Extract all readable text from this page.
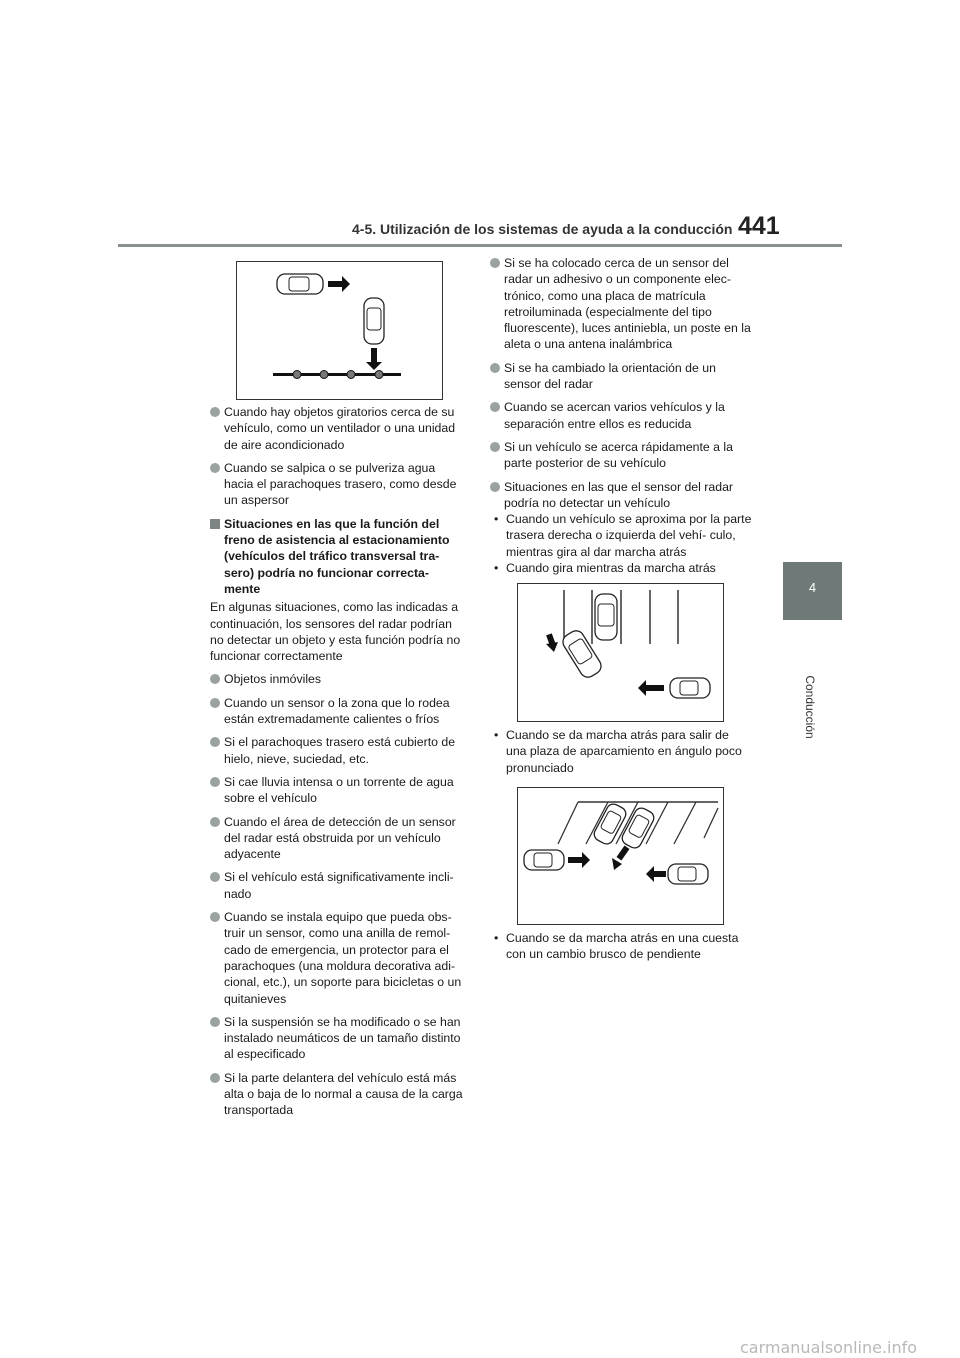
4-5. Utilización de los sistemas de ayuda a la conducción 441
4
Conducción
Cuando hay objetos giratorios cerca de su vehículo, como un ventilador o una unidad de aire acondicionado
Cuando se salpica o se pulveriza agua hacia el parachoques trasero, como desde un aspersor
Situaciones en las que la función del freno de asistencia al estacionamiento (vehículos del tráfico transversal tra- sero) podría no funcionar correcta- mente
En algunas situaciones, como las indicadas a continuación, los sensores del radar podrían no detectar un objeto y esta función podría no funcionar correctamente
Objetos inmóviles
Cuando un sensor o la zona que lo rodea están extremadamente calientes o fríos
Si el parachoques trasero está cubierto de hielo, nieve, suciedad, etc.
Si cae lluvia intensa o un torrente de agua sobre el vehículo
Cuando el área de detección de un sensor del radar está obstruida por un vehículo adyacente
Si el vehículo está significativamente incli- nado
Cuando se instala equipo que pueda obs- truir un sensor, como una anilla de remol- cado de emergencia, un protector para el parachoques (una moldura decorativa adi- cional, etc.), un soporte para bicicletas o un quitanieves
Si la suspensión se ha modificado o se han instalado neumáticos de un tamaño distinto al especificado
Si la parte delantera del vehículo está más alta o baja de lo normal a causa de la carga transportada
Si se ha colocado cerca de un sensor del radar un adhesivo o un componente elec- trónico, como una placa de matrícula retroiluminada (especialmente del tipo fluorescente), luces antiniebla, un poste en la aleta o una antena inalámbrica
Si se ha cambiado la orientación de un sensor del radar
Cuando se acercan varios vehículos y la separación entre ellos es reducida
Si un vehículo se acerca rápidamente a la parte posterior de su vehículo
Situaciones en las que el sensor del radar podría no detectar un vehículo
• Cuando un vehículo se aproxima por la parte trasera derecha o izquierda del vehí- culo, mientras gira al dar marcha atrás
• Cuando gira mientras da marcha atrás
• Cuando se da marcha atrás para salir de una plaza de aparcamiento en ángulo poco pronunciado
• Cuando se da marcha atrás en una cuesta con un cambio brusco de pendiente
carmanualsonline.info
